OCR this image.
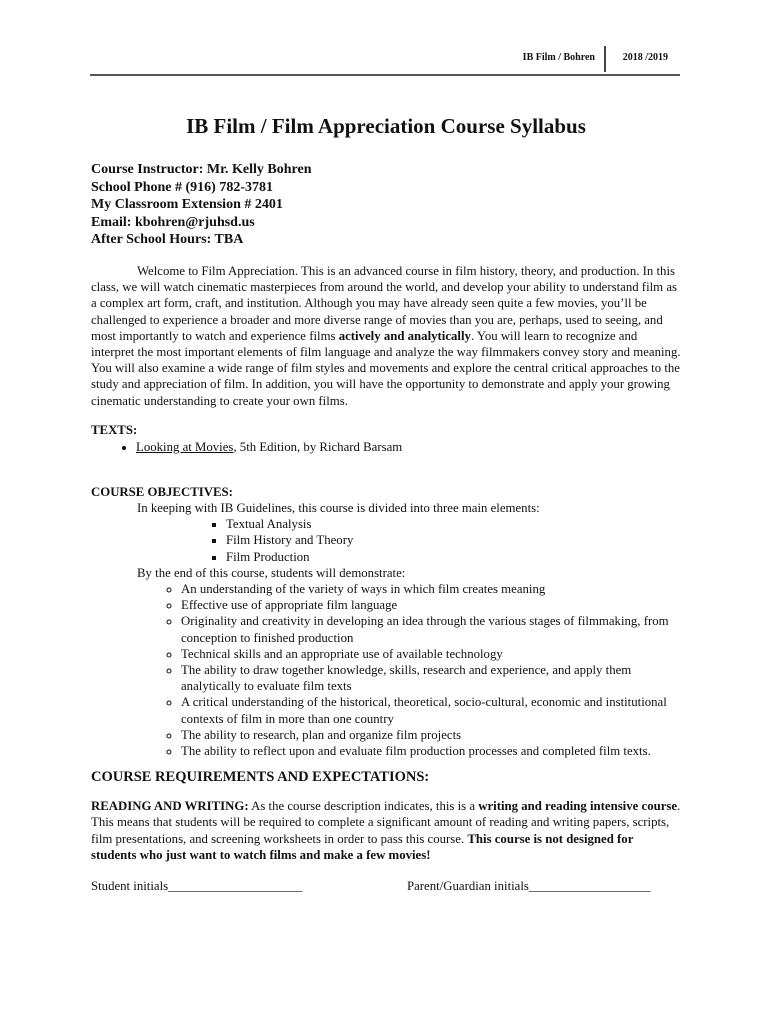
IB Film / Bohren	2018 /2019
IB Film / Film Appreciation Course Syllabus
Course Instructor: Mr. Kelly Bohren
School Phone # (916) 782-3781
My Classroom Extension # 2401
Email: kbohren@rjuhsd.us
After School Hours: TBA

Welcome to Film Appreciation. This is an advanced course in film history, theory, and production. In this class, we will watch cinematic masterpieces from around the world, and develop your ability to understand film as a complex art form, craft, and institution. Although you may have already seen quite a few movies, you’ll be challenged to experience a broader and more diverse range of movies than you are, perhaps, used to seeing, and most importantly to watch and experience films actively and analytically. You will learn to recognize and interpret the most important elements of film language and analyze the way filmmakers convey story and meaning. You will also examine a wide range of film styles and movements and explore the central critical approaches to the study and appreciation of film. In addition, you will have the opportunity to demonstrate and apply your growing cinematic understanding to create your own films.

TEXTS:
• Looking at Movies, 5th Edition, by Richard Barsam
COURSE OBJECTIVES:
In keeping with IB Guidelines, this course is divided into three main elements:
▪ Textual Analysis
▪ Film History and Theory
▪ Film Production
By the end of this course, students will demonstrate:
◦ An understanding of the variety of ways in which film creates meaning
◦ Effective use of appropriate film language
◦ Originality and creativity in developing an idea through the various stages of filmmaking, from conception to finished production
◦ Technical skills and an appropriate use of available technology
◦ The ability to draw together knowledge, skills, research and experience, and apply them analytically to evaluate film texts
◦ A critical understanding of the historical, theoretical, socio-cultural, economic and institutional contexts of film in more than one country
◦ The ability to research, plan and organize film projects
◦ The ability to reflect upon and evaluate film production processes and completed film texts.
COURSE REQUIREMENTS AND EXPECTATIONS:

READING AND WRITING: As the course description indicates, this is a writing and reading intensive course. This means that students will be required to complete a significant amount of reading and writing papers, scripts, film presentations, and screening worksheets in order to pass this course. This course is not designed for students who just want to watch films and make a few movies!

Student initials_____________________	Parent/Guardian initials___________________
